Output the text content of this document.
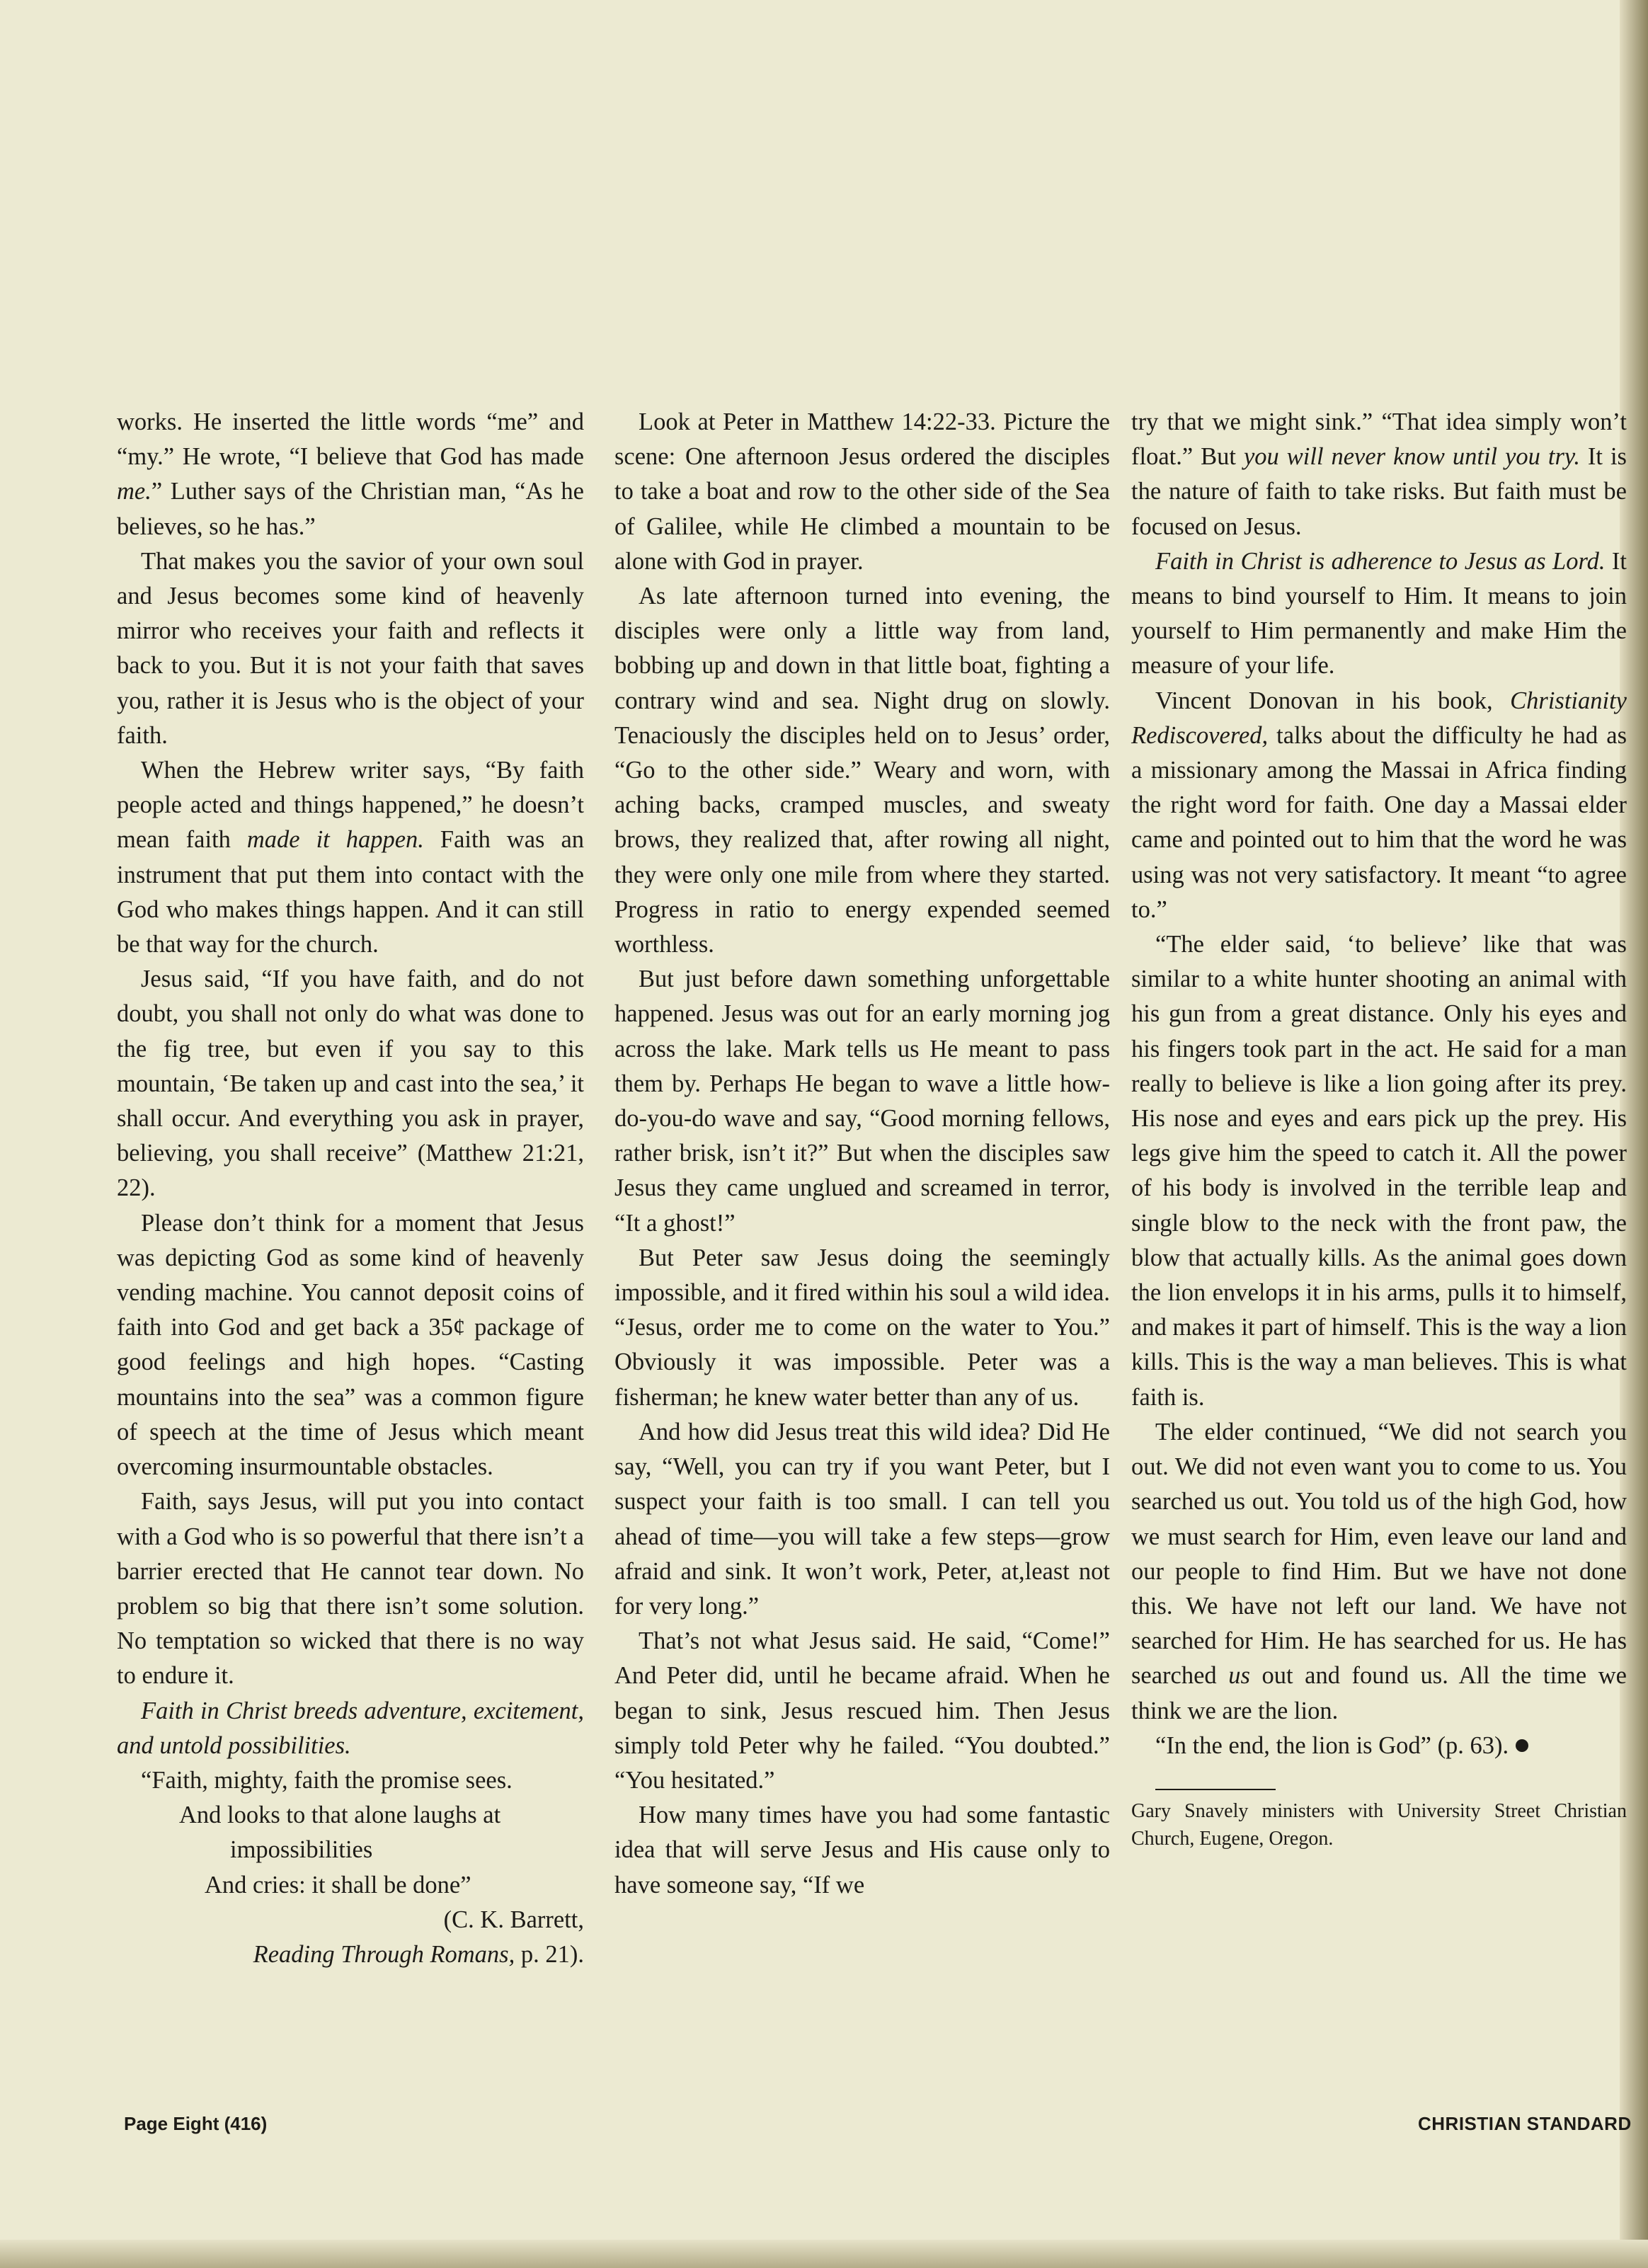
works. He inserted the little words “me” and “my.” He wrote, “I believe that God has made me.” Luther says of the Christian man, “As he believes, so he has.”

That makes you the savior of your own soul and Jesus becomes some kind of heavenly mirror who receives your faith and reflects it back to you. But it is not your faith that saves you, rather it is Jesus who is the object of your faith.

When the Hebrew writer says, “By faith people acted and things happened,” he doesn’t mean faith made it happen. Faith was an instrument that put them into contact with the God who makes things happen. And it can still be that way for the church.

Jesus said, “If you have faith, and do not doubt, you shall not only do what was done to the fig tree, but even if you say to this mountain, ‘Be taken up and cast into the sea,’ it shall occur. And everything you ask in prayer, believing, you shall receive” (Matthew 21:21, 22).

Please don’t think for a moment that Jesus was depicting God as some kind of heavenly vending machine. You cannot deposit coins of faith into God and get back a 35¢ package of good feelings and high hopes. “Casting mountains into the sea” was a common figure of speech at the time of Jesus which meant overcoming insurmountable obstacles.

Faith, says Jesus, will put you into contact with a God who is so powerful that there isn’t a barrier erected that He cannot tear down. No problem so big that there isn’t some solution. No temptation so wicked that there is no way to endure it.

Faith in Christ breeds adventure, excitement, and untold possibilities.

“Faith, mighty, faith the promise sees.
And looks to that alone laughs at
impossibilities
And cries: it shall be done”
(C. K. Barrett,
Reading Through Romans, p. 21).

Look at Peter in Matthew 14:22-33. Picture the scene: One afternoon Jesus ordered the disciples to take a boat and row to the other side of the Sea of Galilee, while He climbed a mountain to be alone with God in prayer.

As late afternoon turned into evening, the disciples were only a little way from land, bobbing up and down in that little boat, fighting a contrary wind and sea. Night drug on slowly. Tenaciously the disciples held on to Jesus’ order, “Go to the other side.” Weary and worn, with aching backs, cramped muscles, and sweaty brows, they realized that, after rowing all night, they were only one mile from where they started. Progress in ratio to energy expended seemed worthless.

But just before dawn something unforgettable happened. Jesus was out for an early morning jog across the lake. Mark tells us He meant to pass them by. Perhaps He began to wave a little how-do-you-do wave and say, “Good morning fellows, rather brisk, isn’t it?” But when the disciples saw Jesus they came unglued and screamed in terror, “It a ghost!”

But Peter saw Jesus doing the seemingly impossible, and it fired within his soul a wild idea. “Jesus, order me to come on the water to You.” Obviously it was impossible. Peter was a fisherman; he knew water better than any of us.

And how did Jesus treat this wild idea? Did He say, “Well, you can try if you want Peter, but I suspect your faith is too small. I can tell you ahead of time—you will take a few steps—grow afraid and sink. It won’t work, Peter, at,least not for very long.”

That’s not what Jesus said. He said, “Come!” And Peter did, until he became afraid. When he began to sink, Jesus rescued him. Then Jesus simply told Peter why he failed. “You doubted.” “You hesitated.”

How many times have you had some fantastic idea that will serve Jesus and His cause only to have someone say, “If we

try that we might sink.” “That idea simply won’t float.” But you will never know until you try. It is the nature of faith to take risks. But faith must be focused on Jesus.

Faith in Christ is adherence to Jesus as Lord. It means to bind yourself to Him. It means to join yourself to Him permanently and make Him the measure of your life.

Vincent Donovan in his book, Christianity Rediscovered, talks about the difficulty he had as a missionary among the Massai in Africa finding the right word for faith. One day a Massai elder came and pointed out to him that the word he was using was not very satisfactory. It meant “to agree to.”

“The elder said, ‘to believe’ like that was similar to a white hunter shooting an animal with his gun from a great distance. Only his eyes and his fingers took part in the act. He said for a man really to believe is like a lion going after its prey. His nose and eyes and ears pick up the prey. His legs give him the speed to catch it. All the power of his body is involved in the terrible leap and single blow to the neck with the front paw, the blow that actually kills. As the animal goes down the lion envelops it in his arms, pulls it to himself, and makes it part of himself. This is the way a lion kills. This is the way a man believes. This is what faith is.

The elder continued, “We did not search you out. We did not even want you to come to us. You searched us out. You told us of the high God, how we must search for Him, even leave our land and our people to find Him. But we have not done this. We have not left our land. We have not searched for Him. He has searched for us. He has searched us out and found us. All the time we think we are the lion.

“In the end, the lion is God” (p. 63).

Gary Snavely ministers with University Street Christian Church, Eugene, Oregon.

Page Eight (416)	CHRISTIAN STANDARD
